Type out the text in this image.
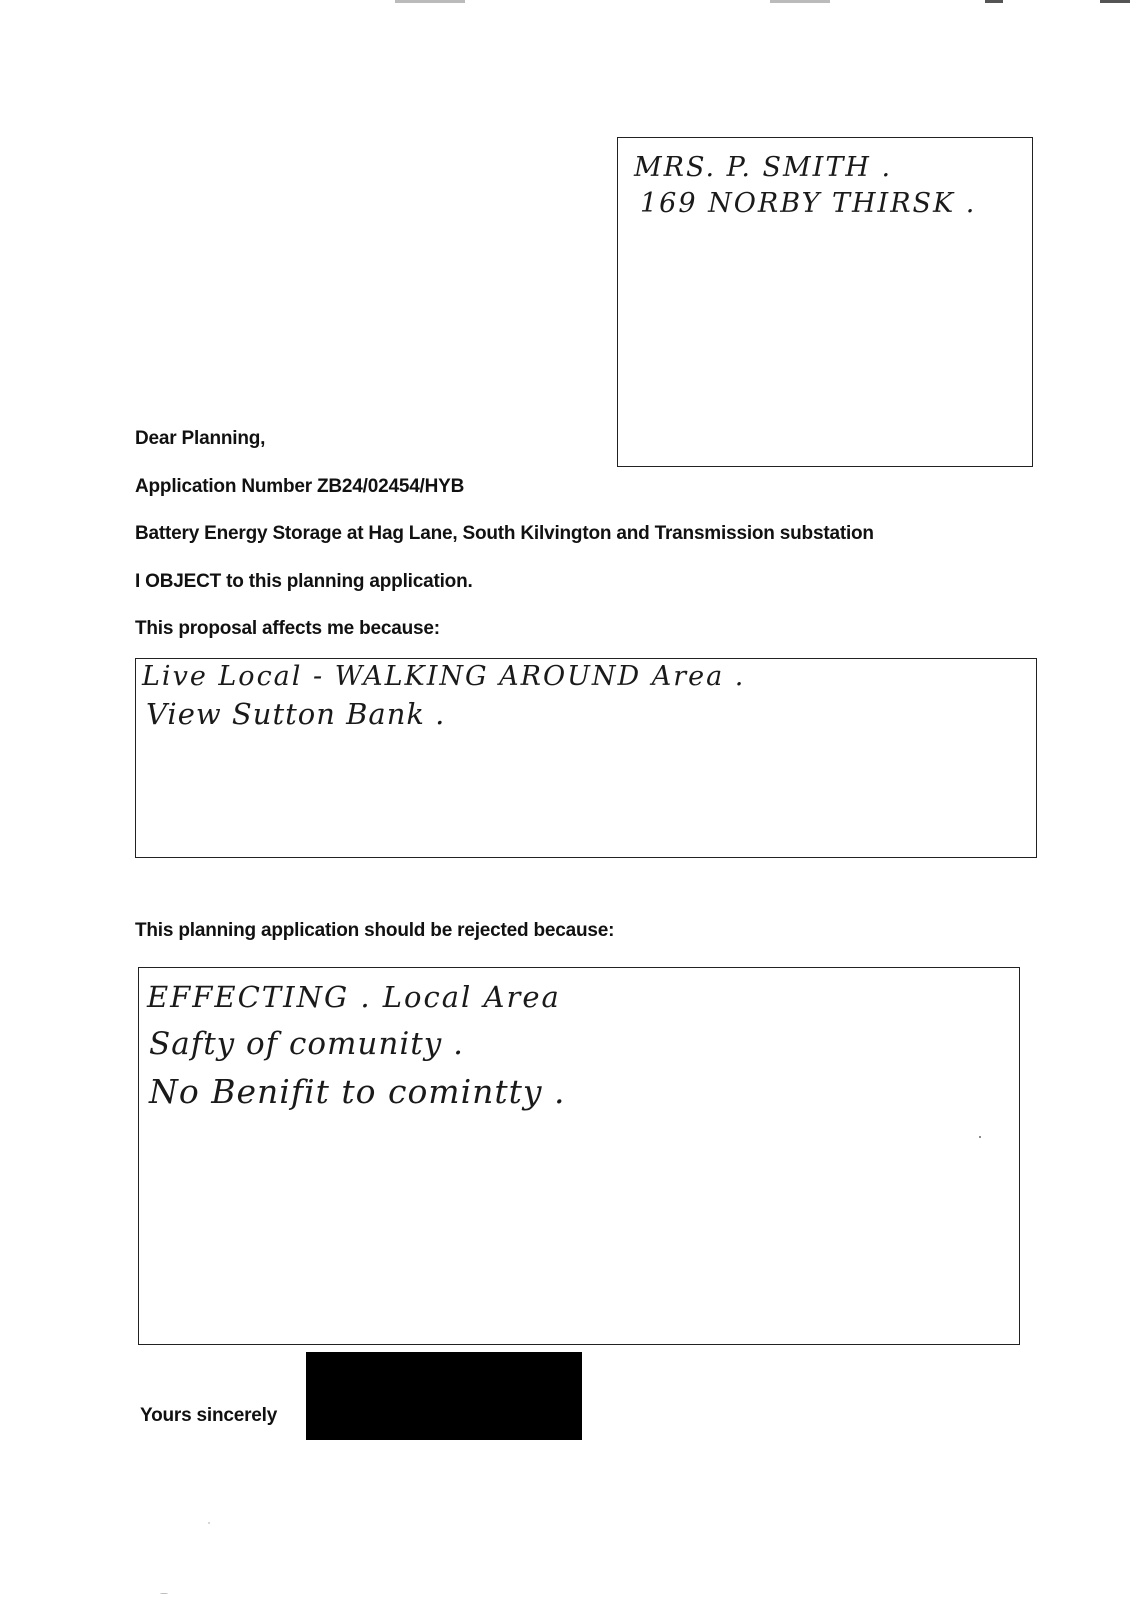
MRS. P. SMITH .
169 NORBY THIRSK .
Dear Planning,
Application Number ZB24/02454/HYB
Battery Energy Storage at Hag Lane, South Kilvington and Transmission substation
I OBJECT to this planning application.
This proposal affects me because:
Live Local - WALKING AROUND Area .
View Sutton Bank .
This planning application should be rejected because:
EFFECTING . Local Area
Safty of comunity .
No Benifit to comintty .
Yours sincerely
